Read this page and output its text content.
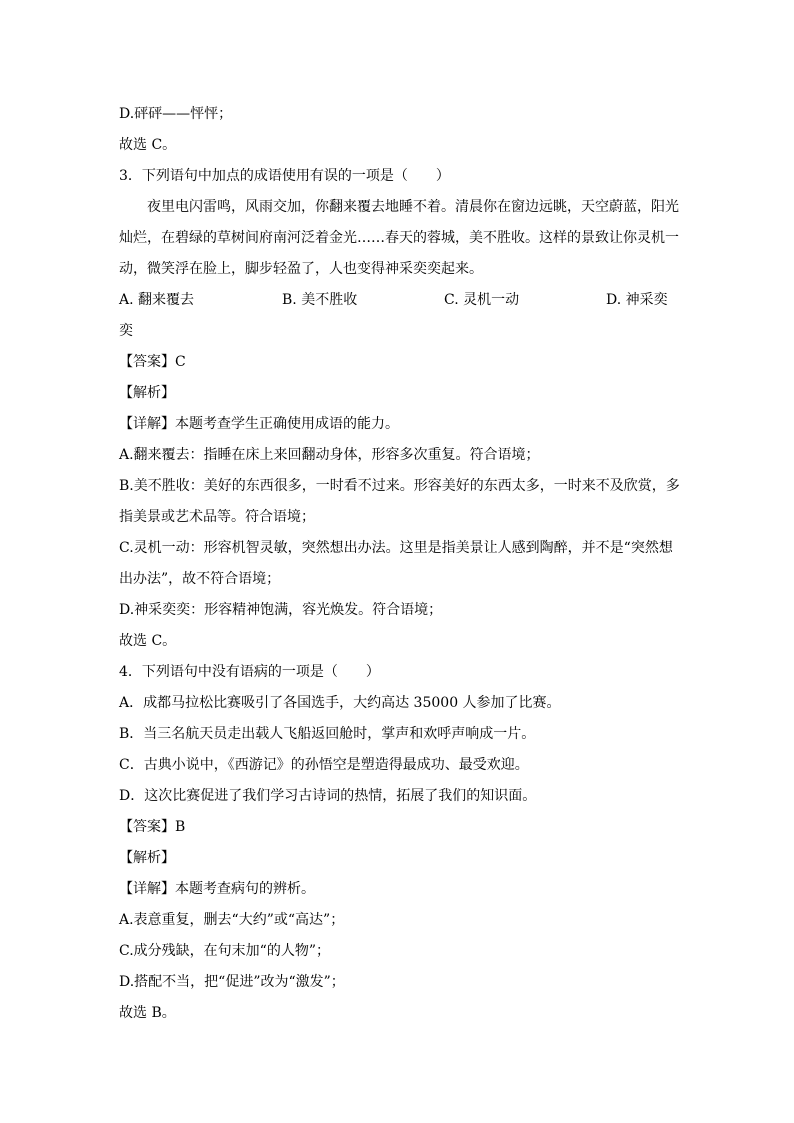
D.砰砰——怦怦；
故选 C。
3．下列语句中加点的成语使用有误的一项是（　　）
夜里电闪雷鸣，风雨交加，你翻来覆去地睡不着。清晨你在窗边远眺，天空蔚蓝，阳光
灿烂，在碧绿的草树间府南河泛着金光……春天的蓉城，美不胜收。这样的景致让你灵机一
动，微笑浮在脸上，脚步轻盈了，人也变得神采奕奕起来。
A. 翻来覆去	B. 美不胜收	C. 灵机一动	D. 神采奕
奕
【答案】C
【解析】
【详解】本题考查学生正确使用成语的能力。
A.翻来覆去：指睡在床上来回翻动身体，形容多次重复。符合语境；
B.美不胜收：美好的东西很多，一时看不过来。形容美好的东西太多，一时来不及欣赏，多
指美景或艺术品等。符合语境；
C.灵机一动：形容机智灵敏，突然想出办法。这里是指美景让人感到陶醉，并不是“突然想
出办法”，故不符合语境；
D.神采奕奕：形容精神饱满，容光焕发。符合语境；
故选 C。
4．下列语句中没有语病的一项是（　　）
A．成都马拉松比赛吸引了各国选手，大约高达 35000 人参加了比赛。
B．当三名航天员走出载人飞船返回舱时，掌声和欢呼声响成一片。
C．古典小说中，《西游记》的孙悟空是塑造得最成功、最受欢迎。
D．这次比赛促进了我们学习古诗词的热情，拓展了我们的知识面。
【答案】B
【解析】
【详解】本题考查病句的辨析。
A.表意重复，删去“大约”或“高达”；
C.成分残缺，在句末加“的人物”；
D.搭配不当，把“促进”改为“激发”；
故选 B。
